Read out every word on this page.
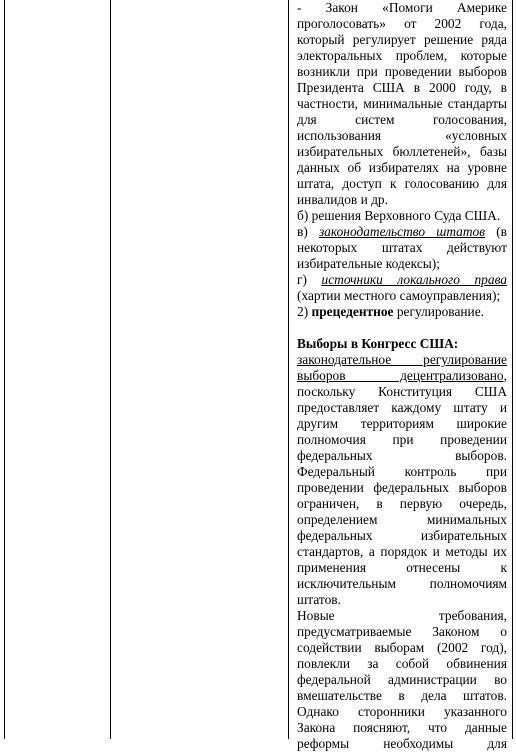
- Закон «Помоги Америке проголосовать» от 2002 года, который регулирует решение ряда электоральных проблем, которые возникли при проведении выборов Президента США в 2000 году, в частности, минимальные стандарты для систем голосования, использования «условных избирательных бюллетеней», базы данных об избирателях на уровне штата, доступ к голосованию для инвалидов и др.

б) решения Верховного Суда США.

в) законодательство штатов (в некоторых штатах действуют избирательные кодексы);

г) источники локального права (хартии местного самоуправления);

2) прецедентное регулирование.

Выборы в Конгресс США:

законодательное регулирование выборов децентрализовано, поскольку Конституция США предоставляет каждому штату и другим территориям широкие полномочия при проведении федеральных выборов. Федеральный контроль при проведении федеральных выборов ограничен, в первую очередь, определением минимальных федеральных избирательных стандартов, а порядок и методы их применения отнесены к исключительным полномочиям штатов.

Новые требования, предусматриваемые Законом о содействии выборам (2002 год), повлекли за собой обвинения федеральной администрации во вмешательстве в дела штатов. Однако сторонники указанного Закона поясняют, что данные реформы необходимы для
